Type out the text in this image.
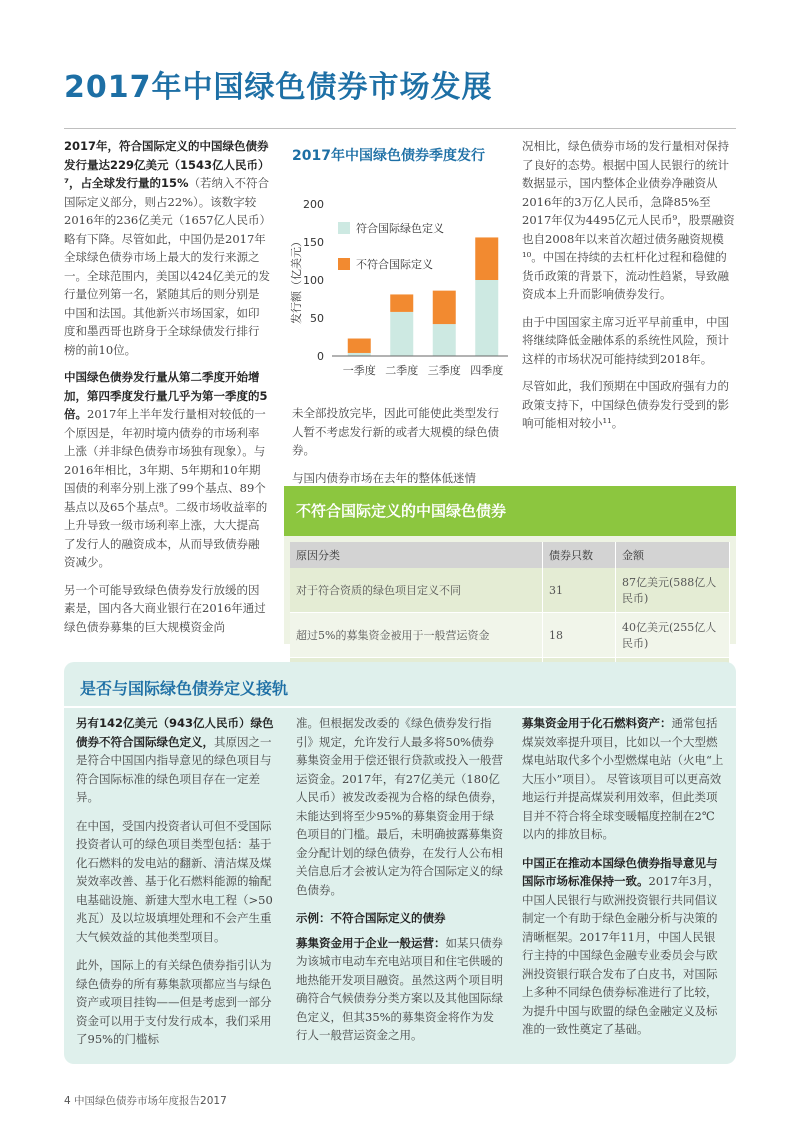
2017年中国绿色债券市场发展

2017年，符合国际定义的中国绿色债券发行量达229亿美元（1543亿人民币）⁷，占全球发行量的15%（若纳入不符合国际定义部分，则占22%）。该数字较2016年的236亿美元（1657亿人民币）略有下降。尽管如此，中国仍是2017年全球绿色债券市场上最大的发行来源之一。全球范围内，美国以424亿美元的发行量位列第一名，紧随其后的则分别是中国和法国。其他新兴市场国家，如印度和墨西哥也跻身于全球绿债发行排行榜的前10位。

中国绿色债券发行量从第二季度开始增加，第四季度发行量几乎为第一季度的5倍。2017年上半年发行量相对较低的一个原因是，年初时境内债券的市场利率上涨（并非绿色债券市场独有现象）。与2016年相比，3年期、5年期和10年期国债的利率分别上涨了99个基点、89个基点以及65个基点⁸。二级市场收益率的上升导致一级市场利率上涨，大大提高了发行人的融资成本，从而导致债券融资减少。

另一个可能导致绿色债券发行放缓的因素是，国内各大商业银行在2016年通过绿色债券募集的巨大规模资金尚

2017年中国绿色债券季度发行
0
50
100
150
200
发行额（亿美元）
一季度 二季度 三季度 四季度
符合国际绿色定义
不符合国际定义

未全部投放完毕，因此可能使此类型发行人暂不考虑发行新的或者大规模的绿色债券。

与国内债券市场在去年的整体低迷情

况相比，绿色债券市场的发行量相对保持了良好的态势。根据中国人民银行的统计数据显示，国内整体企业债券净融资从2016年的3万亿人民币，急降85%至2017年仅为4495亿元人民币⁹，股票融资也自2008年以来首次超过债务融资规模¹⁰。中国在持续的去杠杆化过程和稳健的货币政策的背景下，流动性趋紧，导致融资成本上升而影响债券发行。

由于中国国家主席习近平早前重申，中国将继续降低金融体系的系统性风险，预计这样的市场状况可能持续到2018年。

尽管如此，我们预期在中国政府强有力的政策支持下，中国绿色债券发行受到的影响可能相对较小¹¹。

不符合国际定义的中国绿色债券
原因分类	债券只数	金额
对于符合资质的绿色项目定义不同	31	87亿美元(588亿人民币)
超过5%的募集资金被用于一般营运资金	18	40亿美元(255亿人民币)

是否与国际绿色债券定义接轨

另有142亿美元（943亿人民币）绿色债券不符合国际绿色定义，其原因之一是符合中国国内指导意见的绿色项目与符合国际标准的绿色项目存在一定差异。

在中国，受国内投资者认可但不受国际投资者认可的绿色项目类型包括：基于化石燃料的发电站的翻新、清洁煤及煤炭效率改善、基于化石燃料能源的输配电基础设施、新建大型水电工程（>50兆瓦）及以垃圾填埋处理和不会产生重大气候效益的其他类型项目。

此外，国际上的有关绿色债券指引认为绿色债券的所有募集款项都应当与绿色资产或项目挂钩——但是考虑到一部分资金可以用于支付发行成本，我们采用了95%的门槛标

准。但根据发改委的《绿色债券发行指引》规定，允许发行人最多将50%债券募集资金用于偿还银行贷款或投入一般营运资金。2017年，有27亿美元（180亿人民币）被发改委视为合格的绿色债券，未能达到将至少95%的募集资金用于绿色项目的门槛。最后，未明确披露募集资金分配计划的绿色债券，在发行人公布相关信息后才会被认定为符合国际定义的绿色债券。

示例：不符合国际定义的债券

募集资金用于企业一般运营：如某只债券为该城市电动车充电站项目和住宅供暖的地热能开发项目融资。虽然这两个项目明确符合气候债券分类方案以及其他国际绿色定义，但其35%的募集资金将作为发行人一般营运资金之用。

募集资金用于化石燃料资产：通常包括煤炭效率提升项目，比如以一个大型燃煤电站取代多个小型燃煤电站（火电“上大压小”项目）。 尽管该项目可以更高效地运行并提高煤炭利用效率，但此类项目并不符合将全球变暖幅度控制在2℃以内的排放目标。

中国正在推动本国绿色债券指导意见与国际市场标准保持一致。2017年3月，中国人民银行与欧洲投资银行共同倡议制定一个有助于绿色金融分析与决策的清晰框架。2017年11月，中国人民银行主持的中国绿色金融专业委员会与欧洲投资银行联合发布了白皮书，对国际上多种不同绿色债券标准进行了比较，为提升中国与欧盟的绿色金融定义及标准的一致性奠定了基础。

4 中国绿色债券市场年度报告2017
